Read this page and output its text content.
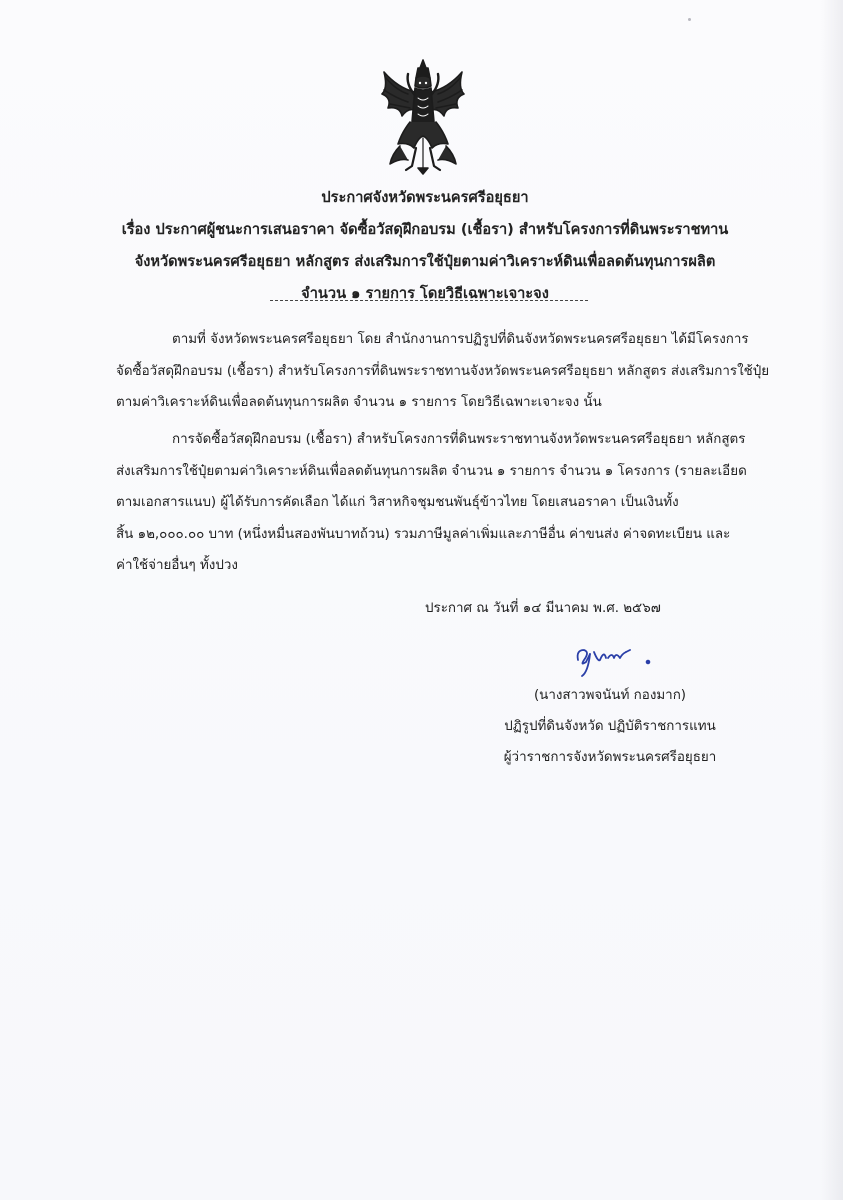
ประกาศจังหวัดพระนครศรีอยุธยา
เรื่อง ประกาศผู้ชนะการเสนอราคา จัดซื้อวัสดุฝึกอบรม (เชื้อรา) สำหรับโครงการที่ดินพระราชทาน
จังหวัดพระนครศรีอยุธยา หลักสูตร ส่งเสริมการใช้ปุ๋ยตามค่าวิเคราะห์ดินเพื่อลดต้นทุนการผลิต
จำนวน ๑ รายการ โดยวิธีเฉพาะเจาะจง
ตามที่ จังหวัดพระนครศรีอยุธยา โดย สำนักงานการปฏิรูปที่ดินจังหวัดพระนครศรีอยุธยา ได้มีโครงการ
จัดซื้อวัสดุฝึกอบรม (เชื้อรา) สำหรับโครงการที่ดินพระราชทานจังหวัดพระนครศรีอยุธยา หลักสูตร ส่งเสริมการใช้ปุ๋ย
ตามค่าวิเคราะห์ดินเพื่อลดต้นทุนการผลิต จำนวน ๑ รายการ โดยวิธีเฉพาะเจาะจง นั้น
การจัดซื้อวัสดุฝึกอบรม (เชื้อรา) สำหรับโครงการที่ดินพระราชทานจังหวัดพระนครศรีอยุธยา หลักสูตร
ส่งเสริมการใช้ปุ๋ยตามค่าวิเคราะห์ดินเพื่อลดต้นทุนการผลิต จำนวน ๑ รายการ จำนวน ๑ โครงการ (รายละเอียด
ตามเอกสารแนบ) ผู้ได้รับการคัดเลือก ได้แก่ วิสาหกิจชุมชนพันธุ์ข้าวไทย โดยเสนอราคา เป็นเงินทั้ง
สิ้น ๑๒,๐๐๐.๐๐ บาท (หนึ่งหมื่นสองพันบาทถ้วน) รวมภาษีมูลค่าเพิ่มและภาษีอื่น ค่าขนส่ง ค่าจดทะเบียน และ
ค่าใช้จ่ายอื่นๆ ทั้งปวง
ประกาศ ณ วันที่ ๑๔ มีนาคม พ.ศ. ๒๕๖๗
(นางสาวพจนันท์ กองมาก)
ปฏิรูปที่ดินจังหวัด ปฏิบัติราชการแทน
ผู้ว่าราชการจังหวัดพระนครศรีอยุธยา
